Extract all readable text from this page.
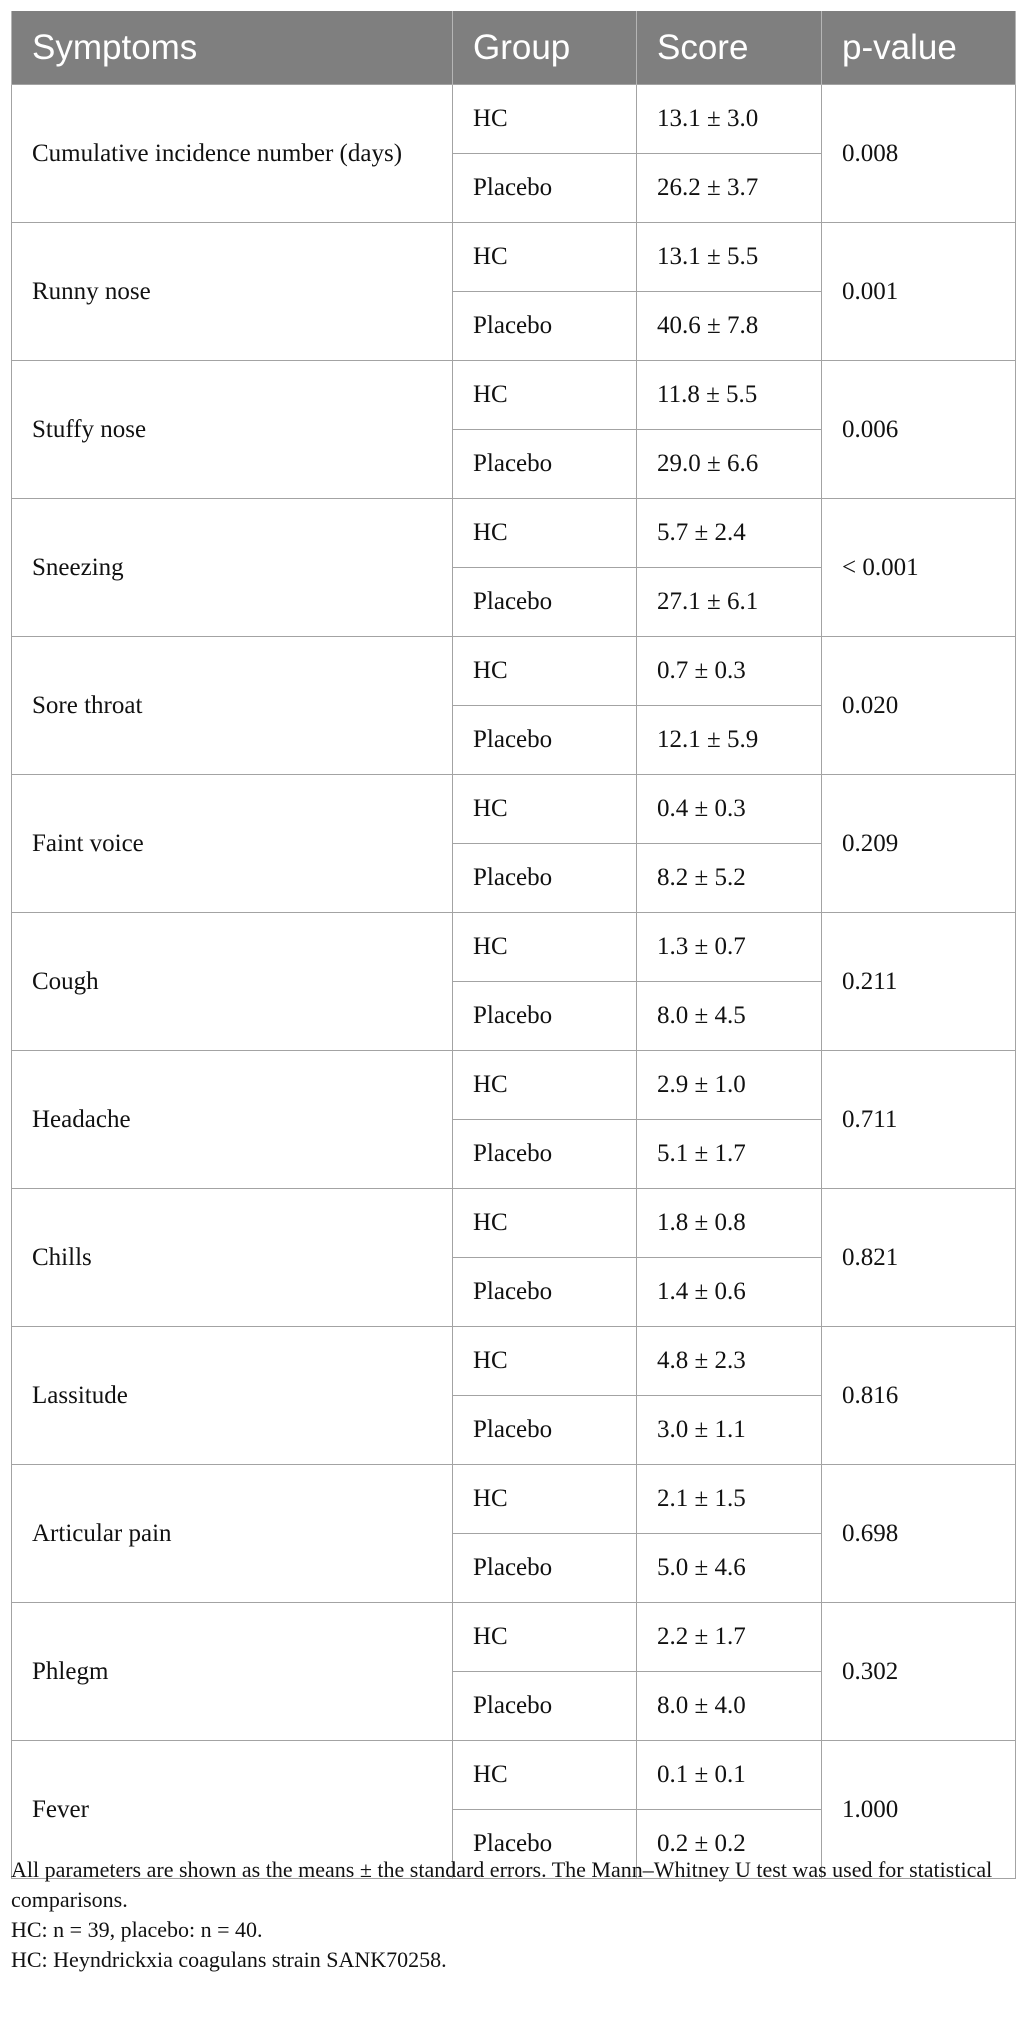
Symptoms	Group	Score	p-value
Cumulative incidence number (days)	HC	13.1 ± 3.0	0.008
	Placebo	26.2 ± 3.7	
Runny nose	HC	13.1 ± 5.5	0.001
	Placebo	40.6 ± 7.8	
Stuffy nose	HC	11.8 ± 5.5	0.006
	Placebo	29.0 ± 6.6	
Sneezing	HC	5.7 ± 2.4	< 0.001
	Placebo	27.1 ± 6.1	
Sore throat	HC	0.7 ± 0.3	0.020
	Placebo	12.1 ± 5.9	
Faint voice	HC	0.4 ± 0.3	0.209
	Placebo	8.2 ± 5.2	
Cough	HC	1.3 ± 0.7	0.211
	Placebo	8.0 ± 4.5	
Headache	HC	2.9 ± 1.0	0.711
	Placebo	5.1 ± 1.7	
Chills	HC	1.8 ± 0.8	0.821
	Placebo	1.4 ± 0.6	
Lassitude	HC	4.8 ± 2.3	0.816
	Placebo	3.0 ± 1.1	
Articular pain	HC	2.1 ± 1.5	0.698
	Placebo	5.0 ± 4.6	
Phlegm	HC	2.2 ± 1.7	0.302
	Placebo	8.0 ± 4.0	
Fever	HC	0.1 ± 0.1	1.000
	Placebo	0.2 ± 0.2	

All parameters are shown as the means ± the standard errors. The Mann–Whitney U test was used for statistical comparisons.

HC: n = 39, placebo: n = 40.

HC: Heyndrickxia coagulans strain SANK70258.
